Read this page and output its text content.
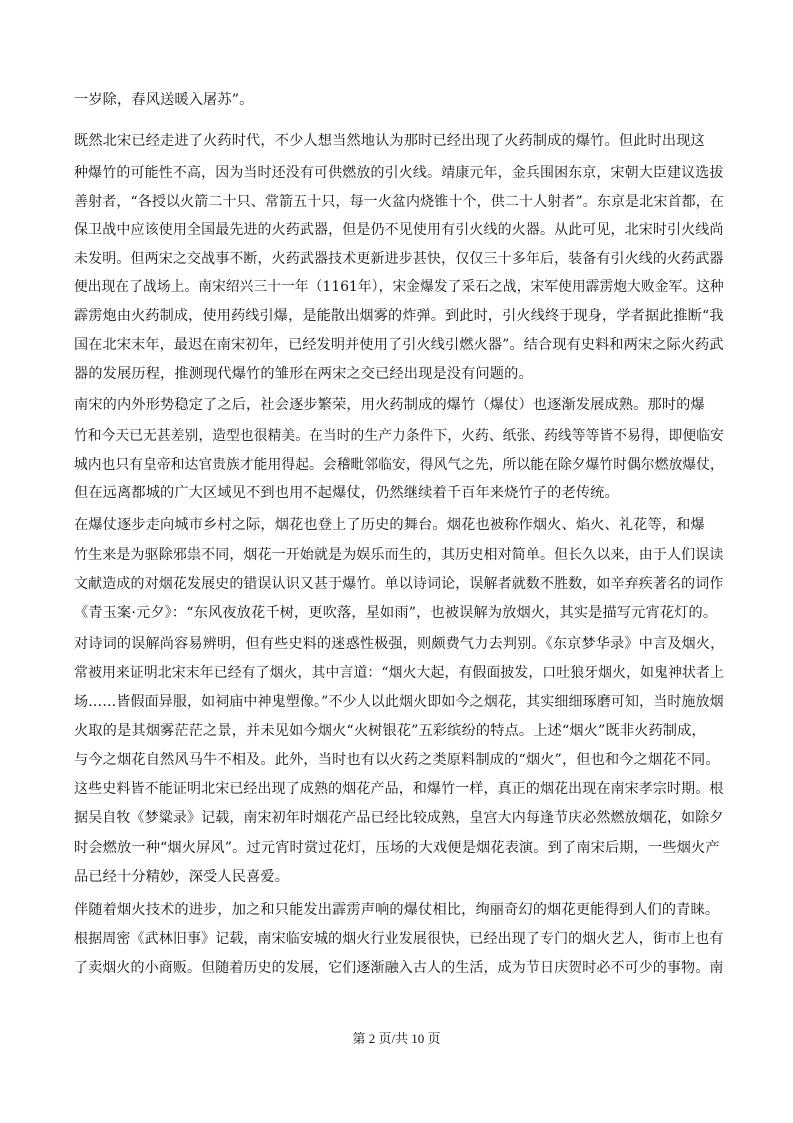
一岁除，春风送暖入屠苏”。
既然北宋已经走进了火药时代，不少人想当然地认为那时已经出现了火药制成的爆竹。但此时出现这
种爆竹的可能性不高，因为当时还没有可供燃放的引火线。靖康元年，金兵围困东京，宋朝大臣建议选拔
善射者，“各授以火箭二十只、常箭五十只，每一火盆内烧锥十个，供二十人射者”。东京是北宋首都，在
保卫战中应该使用全国最先进的火药武器，但是仍不见使用有引火线的火器。从此可见，北宋时引火线尚
未发明。但两宋之交战事不断，火药武器技术更新进步甚快，仅仅三十多年后，装备有引火线的火药武器
便出现在了战场上。南宋绍兴三十一年（1161年），宋金爆发了采石之战，宋军使用霹雳炮大败金军。这种
霹雳炮由火药制成，使用药线引爆，是能散出烟雾的炸弹。到此时，引火线终于现身，学者据此推断“我
国在北宋末年，最迟在南宋初年，已经发明并使用了引火线引燃火器”。结合现有史料和两宋之际火药武
器的发展历程，推测现代爆竹的雏形在两宋之交已经出现是没有问题的。
南宋的内外形势稳定了之后，社会逐步繁荣，用火药制成的爆竹（爆仗）也逐渐发展成熟。那时的爆
竹和今天已无甚差别，造型也很精美。在当时的生产力条件下，火药、纸张、药线等等皆不易得，即便临安
城内也只有皇帝和达官贵族才能用得起。会稽毗邻临安，得风气之先，所以能在除夕爆竹时偶尔燃放爆仗，
但在远离都城的广大区域见不到也用不起爆仗，仍然继续着千百年来烧竹子的老传统。
在爆仗逐步走向城市乡村之际，烟花也登上了历史的舞台。烟花也被称作烟火、焰火、礼花等，和爆
竹生来是为驱除邪祟不同，烟花一开始就是为娱乐而生的，其历史相对简单。但长久以来，由于人们误读
文献造成的对烟花发展史的错误认识又甚于爆竹。单以诗词论，误解者就数不胜数，如辛弃疾著名的词作
《青玉案·元夕》：“东风夜放花千树，更吹落，星如雨”，也被误解为放烟火，其实是描写元宵花灯的。
对诗词的误解尚容易辨明，但有些史料的迷惑性极强，则颇费气力去判别。《东京梦华录》中言及烟火，
常被用来证明北宋末年已经有了烟火，其中言道：“烟火大起，有假面披发，口吐狼牙烟火，如鬼神状者上
场……皆假面异服，如祠庙中神鬼塑像。”不少人以此烟火即如今之烟花，其实细细琢磨可知，当时施放烟
火取的是其烟雾茫茫之景，并未见如今烟火“火树银花”五彩缤纷的特点。上述“烟火”既非火药制成，
与今之烟花自然风马牛不相及。此外，当时也有以火药之类原料制成的“烟火”，但也和今之烟花不同。
这些史料皆不能证明北宋已经出现了成熟的烟花产品，和爆竹一样，真正的烟花出现在南宋孝宗时期。根
据吴自牧《梦粱录》记载，南宋初年时烟花产品已经比较成熟，皇宫大内每逢节庆必然燃放烟花，如除夕
时会燃放一种“烟火屏风”。过元宵时赏过花灯，压场的大戏便是烟花表演。到了南宋后期，一些烟火产
品已经十分精妙，深受人民喜爱。
伴随着烟火技术的进步，加之和只能发出霹雳声响的爆仗相比，绚丽奇幻的烟花更能得到人们的青睐。
根据周密《武林旧事》记载，南宋临安城的烟火行业发展很快，已经出现了专门的烟火艺人，街市上也有
了卖烟火的小商贩。但随着历史的发展，它们逐渐融入古人的生活，成为节日庆贺时必不可少的事物。南
第 2 页/共 10 页
